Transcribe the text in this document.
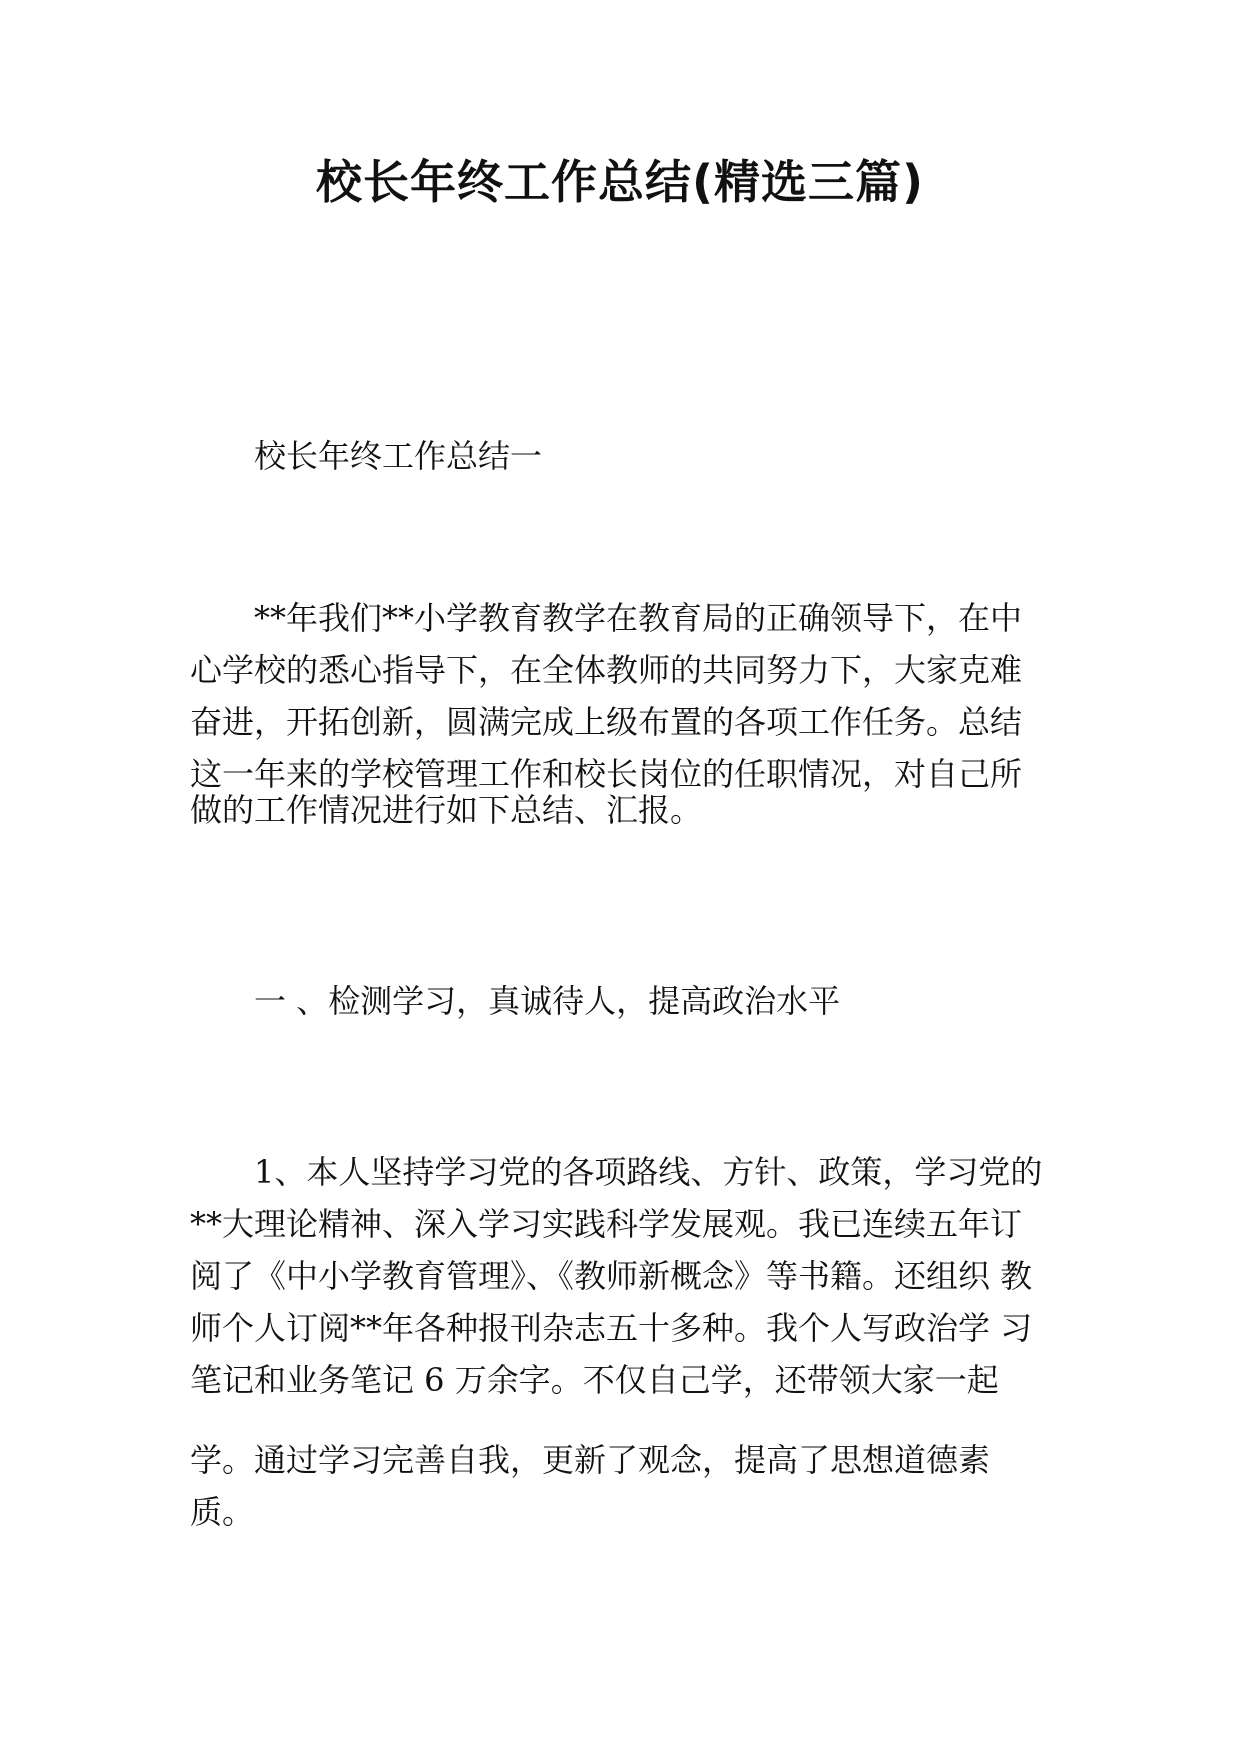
校长年终工作总结(精选三篇)

校长年终工作总结一

**年我们**小学教育教学在教育局的正确领导下，在中心学校的悉心指导下，在全体教师的共同努力下，大家克难奋进，开拓创新，圆满完成上级布置的各项工作任务。总结这一年来的学校管理工作和校长岗位的任职情况，对自己所

做的工作情况进行如下总结、汇报。

一 、检测学习，真诚待人，提高政治水平

1、本人坚持学习党的各项路线、方针、政策，学习党的**大理论精神、深入学习实践科学发展观。我已连续五年订阅了《中小学教育管理》、《教师新概念》等书籍。还组织 教师个人订阅**年各种报刊杂志五十多种。我个人写政治学 习笔记和业务笔记 6 万余字。不仅自己学，还带领大家一起

学。通过学习完善自我，更新了观念，提高了思想道德素质。
